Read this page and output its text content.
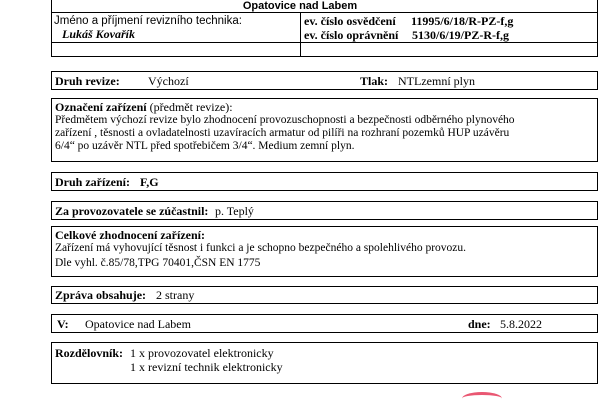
Opatovice nad Labem
Jméno a příjmení revizního technika:
Lukáš Kovařík
ev. číslo osvědčení 11995/6/18/R-PZ-f,g
ev. číslo oprávnění 5130/6/19/PZ-R-f,g
Druh revize: Výchozí	Tlak: NTLzemní plyn
Označení zařízení (předmět revize):
Předmětem výchozí revize bylo zhodnocení provozuschopnosti a bezpečnosti odběrného plynového
zařízení , těsnosti a ovladatelnosti uzavíracích armatur od pilíři na rozhraní pozemků HUP uzávěru
6/4“ po uzávěr NTL před spotřebičem 3/4“. Medium zemní plyn.
Druh zařízení: F,G
Za provozovatele se zúčastnil: p. Teplý
Celkové zhodnocení zařízení:
Zařízení má vyhovující těsnost i funkci a je schopno bezpečného a spolehlivého provozu.
Dle vyhl. č.85/78,TPG 70401,ČSN EN 1775
Zpráva obsahuje: 2 strany
V: Opatovice nad Labem	dne: 5.8.2022
Rozdělovník: 1 x provozovatel elektronicky
1 x revizní technik elektronicky
